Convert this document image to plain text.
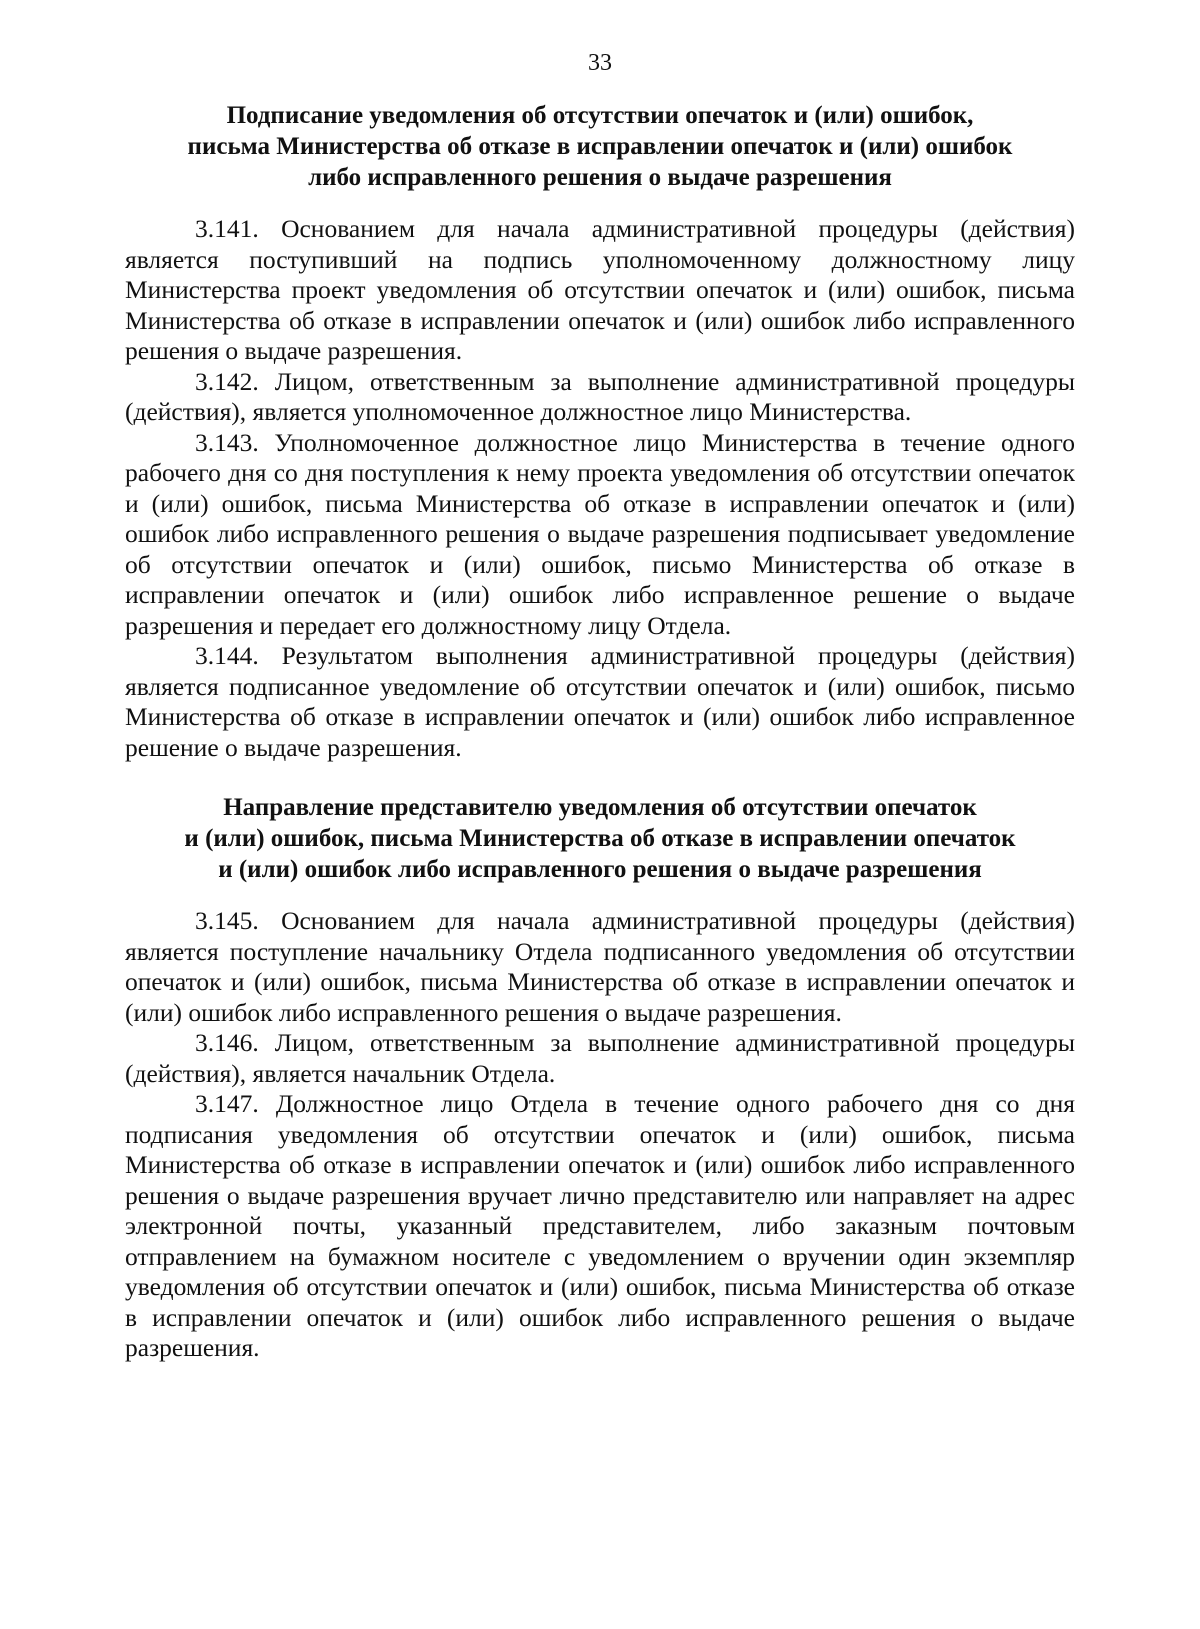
33
Подписание уведомления об отсутствии опечаток и (или) ошибок,
письма Министерства об отказе в исправлении опечаток и (или) ошибок
либо исправленного решения о выдаче разрешения

3.141. Основанием для начала административной процедуры (действия) является поступивший на подпись уполномоченному должностному лицу Министерства проект уведомления об отсутствии опечаток и (или) ошибок, письма Министерства об отказе в исправлении опечаток и (или) ошибок либо исправленного решения о выдаче разрешения.

3.142. Лицом, ответственным за выполнение административной процедуры (действия), является уполномоченное должностное лицо Министерства.

3.143. Уполномоченное должностное лицо Министерства в течение одного рабочего дня со дня поступления к нему проекта уведомления об отсутствии опечаток и (или) ошибок, письма Министерства об отказе в исправлении опечаток и (или) ошибок либо исправленного решения о выдаче разрешения подписывает уведомление об отсутствии опечаток и (или) ошибок, письмо Министерства об отказе в исправлении опечаток и (или) ошибок либо исправленное решение о выдаче разрешения и передает его должностному лицу Отдела.

3.144. Результатом выполнения административной процедуры (действия) является подписанное уведомление об отсутствии опечаток и (или) ошибок, письмо Министерства об отказе в исправлении опечаток и (или) ошибок либо исправленное решение о выдаче разрешения.

Направление представителю уведомления об отсутствии опечаток
и (или) ошибок, письма Министерства об отказе в исправлении опечаток
и (или) ошибок либо исправленного решения о выдаче разрешения

3.145. Основанием для начала административной процедуры (действия) является поступление начальнику Отдела подписанного уведомления об отсутствии опечаток и (или) ошибок, письма Министерства об отказе в исправлении опечаток и (или) ошибок либо исправленного решения о выдаче разрешения.

3.146. Лицом, ответственным за выполнение административной процедуры (действия), является начальник Отдела.

3.147. Должностное лицо Отдела в течение одного рабочего дня со дня подписания уведомления об отсутствии опечаток и (или) ошибок, письма Министерства об отказе в исправлении опечаток и (или) ошибок либо исправленного решения о выдаче разрешения вручает лично представителю или направляет на адрес электронной почты, указанный представителем, либо заказным почтовым отправлением на бумажном носителе с уведомлением о вручении один экземпляр уведомления об отсутствии опечаток и (или) ошибок, письма Министерства об отказе в исправлении опечаток и (или) ошибок либо исправленного решения о выдаче разрешения.
